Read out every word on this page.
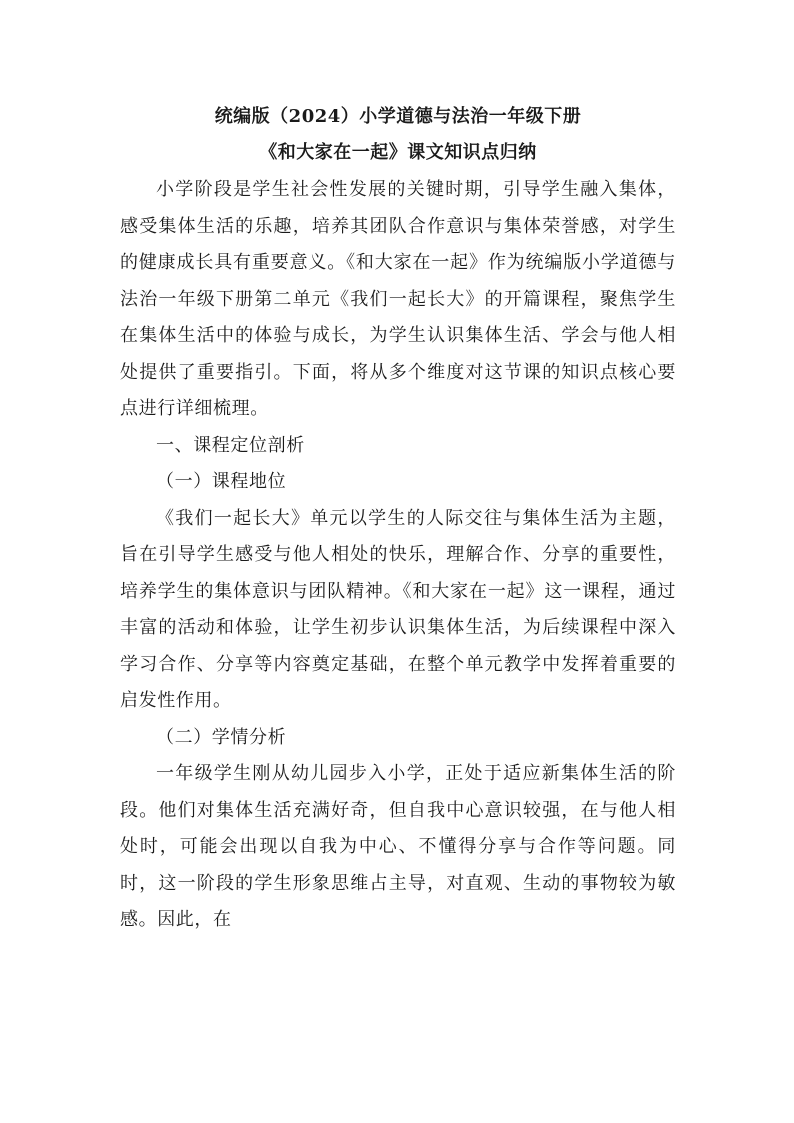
统编版（2024）小学道德与法治一年级下册
《和大家在一起》课文知识点归纳

小学阶段是学生社会性发展的关键时期，引导学生融入集体，感受集体生活的乐趣，培养其团队合作意识与集体荣誉感，对学生的健康成长具有重要意义。《和大家在一起》作为统编版小学道德与法治一年级下册第二单元《我们一起长大》的开篇课程，聚焦学生在集体生活中的体验与成长，为学生认识集体生活、学会与他人相处提供了重要指引。下面，将从多个维度对这节课的知识点核心要点进行详细梳理。

一、课程定位剖析

（一）课程地位

《我们一起长大》单元以学生的人际交往与集体生活为主题，旨在引导学生感受与他人相处的快乐，理解合作、分享的重要性，培养学生的集体意识与团队精神。《和大家在一起》这一课程，通过丰富的活动和体验，让学生初步认识集体生活，为后续课程中深入学习合作、分享等内容奠定基础，在整个单元教学中发挥着重要的启发性作用。

（二）学情分析

一年级学生刚从幼儿园步入小学，正处于适应新集体生活的阶段。他们对集体生活充满好奇，但自我中心意识较强，在与他人相处时，可能会出现以自我为中心、不懂得分享与合作等问题。同时，这一阶段的学生形象思维占主导，对直观、生动的事物较为敏感。因此，在
